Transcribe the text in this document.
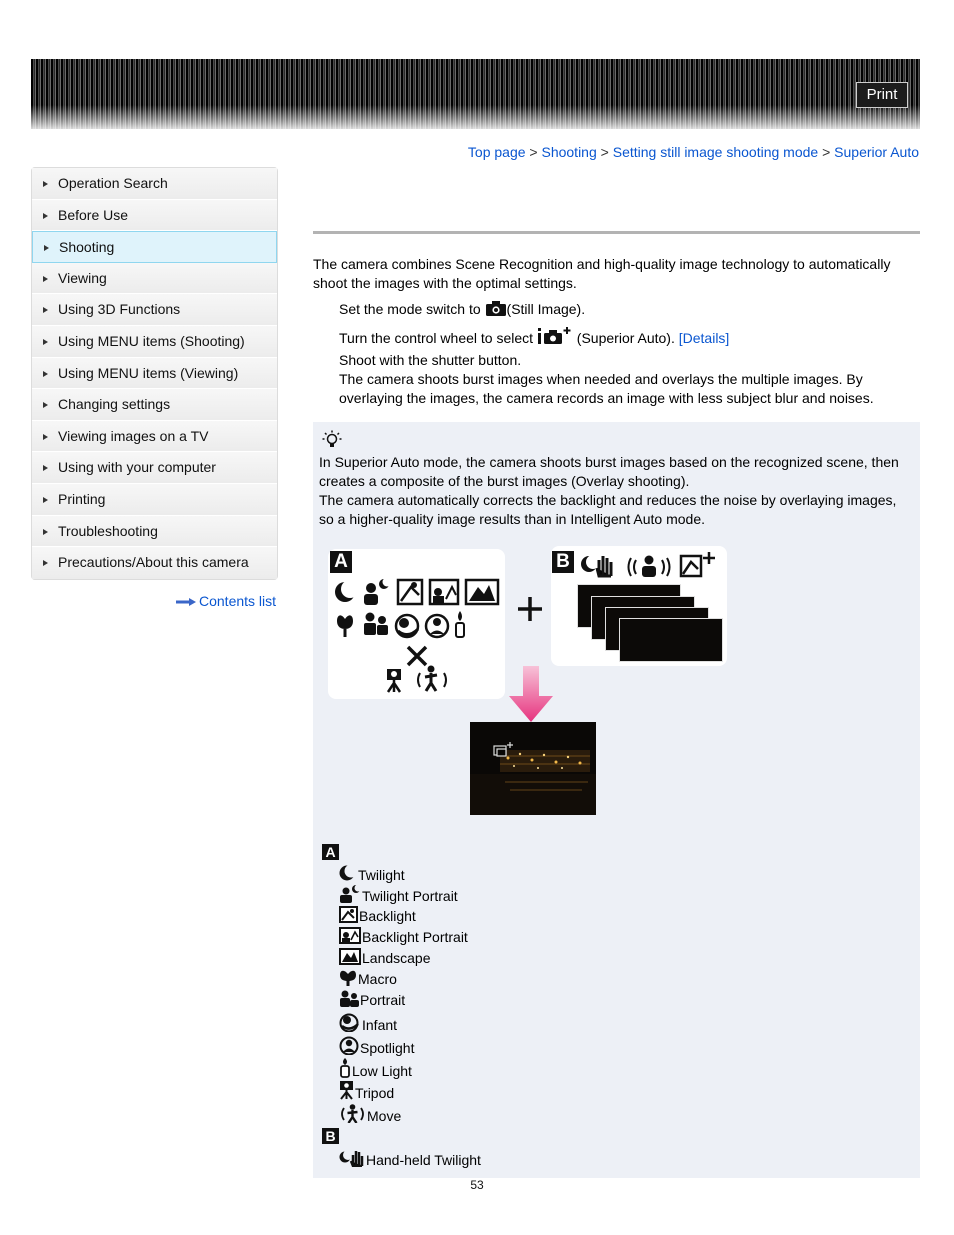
Print
Top page > Shooting > Setting still image shooting mode > Superior Auto
Operation Search
Before Use
Shooting
Viewing
Using 3D Functions
Using MENU items (Shooting)
Using MENU items (Viewing)
Changing settings
Viewing images on a TV
Using with your computer
Printing
Troubleshooting
Precautions/About this camera
Contents list
The camera combines Scene Recognition and high-quality image technology to automatically shoot the images with the optimal settings.
Set the mode switch to (Still Image).
Turn the control wheel to select	(Superior Auto). [Details]
Shoot with the shutter button.
The camera shoots burst images when needed and overlays the multiple images. By
overlaying the images, the camera records an image with less subject blur and noises.
In Superior Auto mode, the camera shoots burst images based on the recognized scene, then
creates a composite of the burst images (Overlay shooting).
The camera automatically corrects the backlight and reduces the noise by overlaying images,
so a higher-quality image results than in Intelligent Auto mode.
A	B
A
Twilight
Twilight Portrait
Backlight
Backlight Portrait
Landscape
Macro
Portrait
Infant
Spotlight
Low Light
Tripod
Move
B
Hand-held Twilight
53
